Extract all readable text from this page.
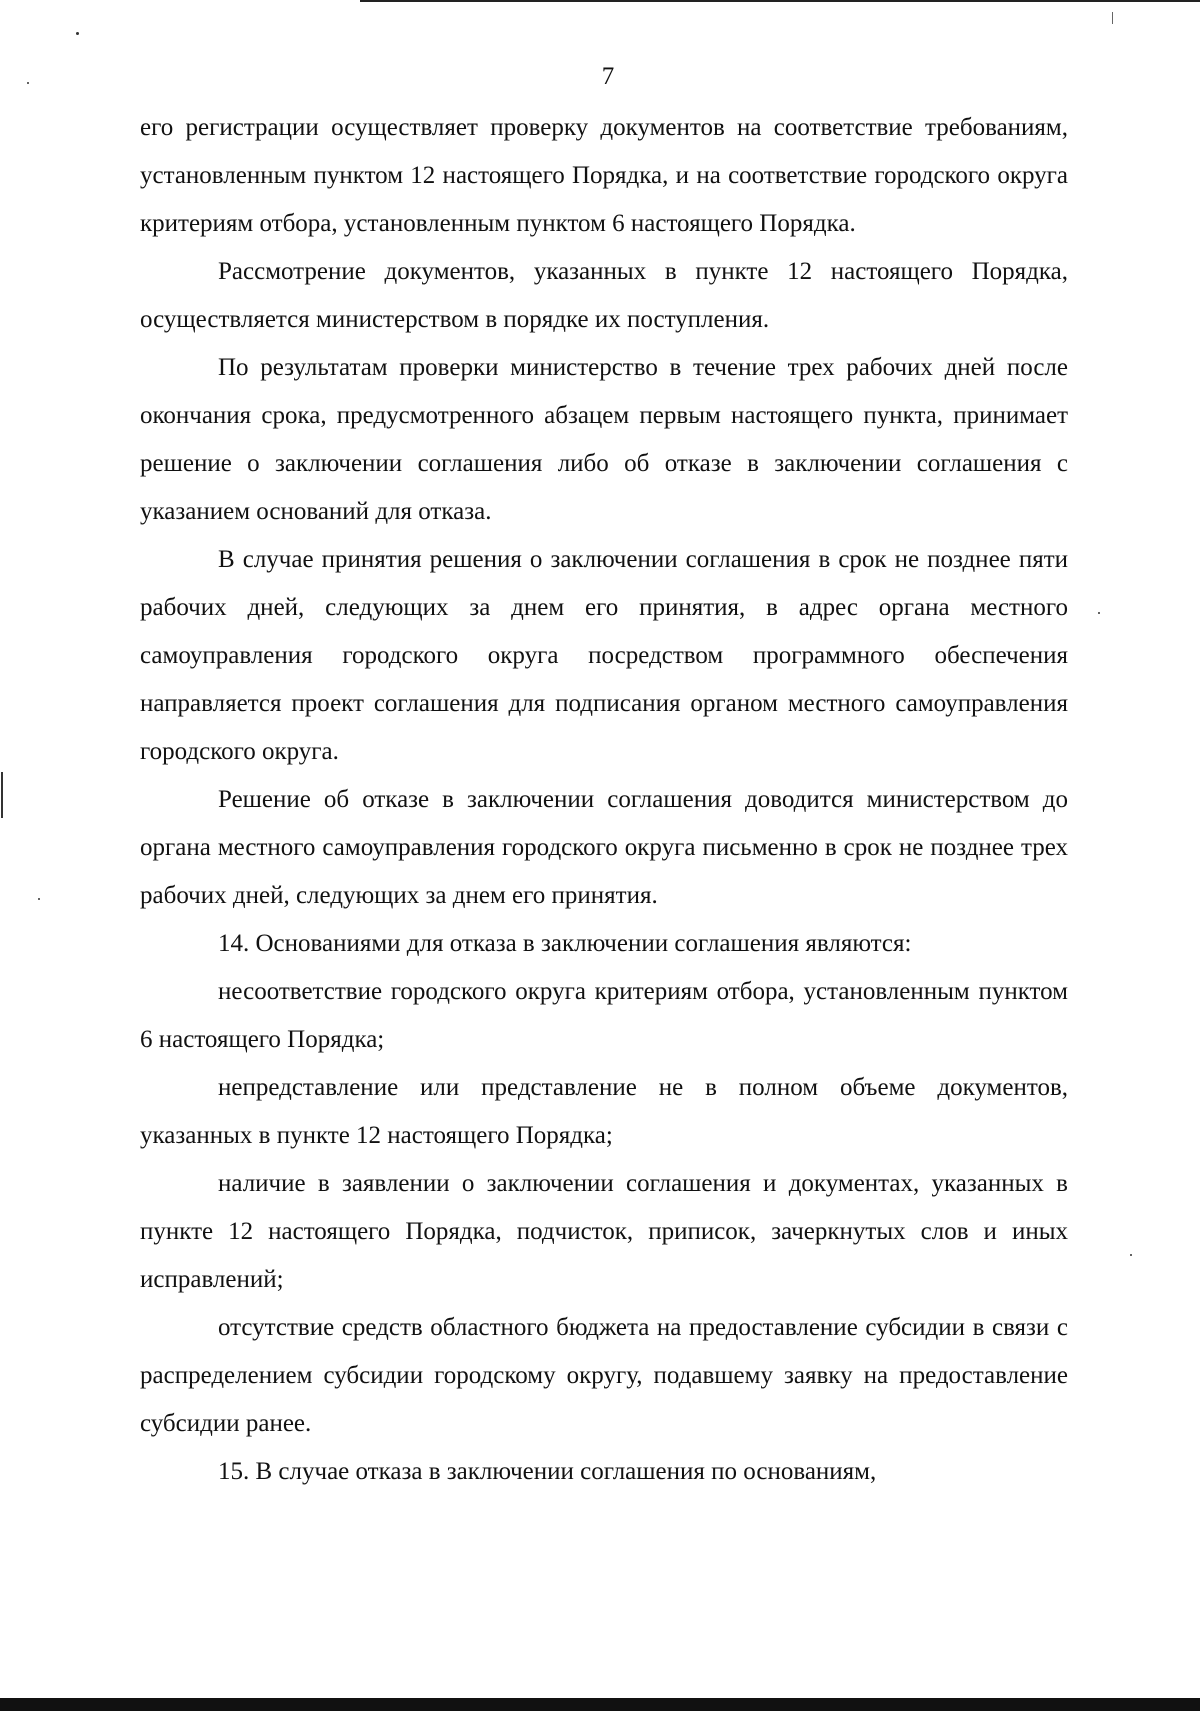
7

его регистрации осуществляет проверку документов на соответствие требованиям, установленным пунктом 12 настоящего Порядка, и на соответствие городского округа критериям отбора, установленным пунктом 6 настоящего Порядка.

Рассмотрение документов, указанных в пункте 12 настоящего Порядка, осуществляется министерством в порядке их поступления.

По результатам проверки министерство в течение трех рабочих дней после окончания срока, предусмотренного абзацем первым настоящего пункта, принимает решение о заключении соглашения либо об отказе в заключении соглашения с указанием оснований для отказа.

В случае принятия решения о заключении соглашения в срок не позднее пяти рабочих дней, следующих за днем его принятия, в адрес органа местного самоуправления городского округа посредством программного обеспечения направляется проект соглашения для подписания органом местного самоуправления городского округа.

Решение об отказе в заключении соглашения доводится министерством до органа местного самоуправления городского округа письменно в срок не позднее трех рабочих дней, следующих за днем его принятия.

14. Основаниями для отказа в заключении соглашения являются:

несоответствие городского округа критериям отбора, установленным пунктом 6 настоящего Порядка;

непредставление или представление не в полном объеме документов, указанных в пункте 12 настоящего Порядка;

наличие в заявлении о заключении соглашения и документах, указанных в пункте 12 настоящего Порядка, подчисток, приписок, зачеркнутых слов и иных исправлений;

отсутствие средств областного бюджета на предоставление субсидии в связи с распределением субсидии городскому округу, подавшему заявку на предоставление субсидии ранее.

15. В случае отказа в заключении соглашения по основаниям,
